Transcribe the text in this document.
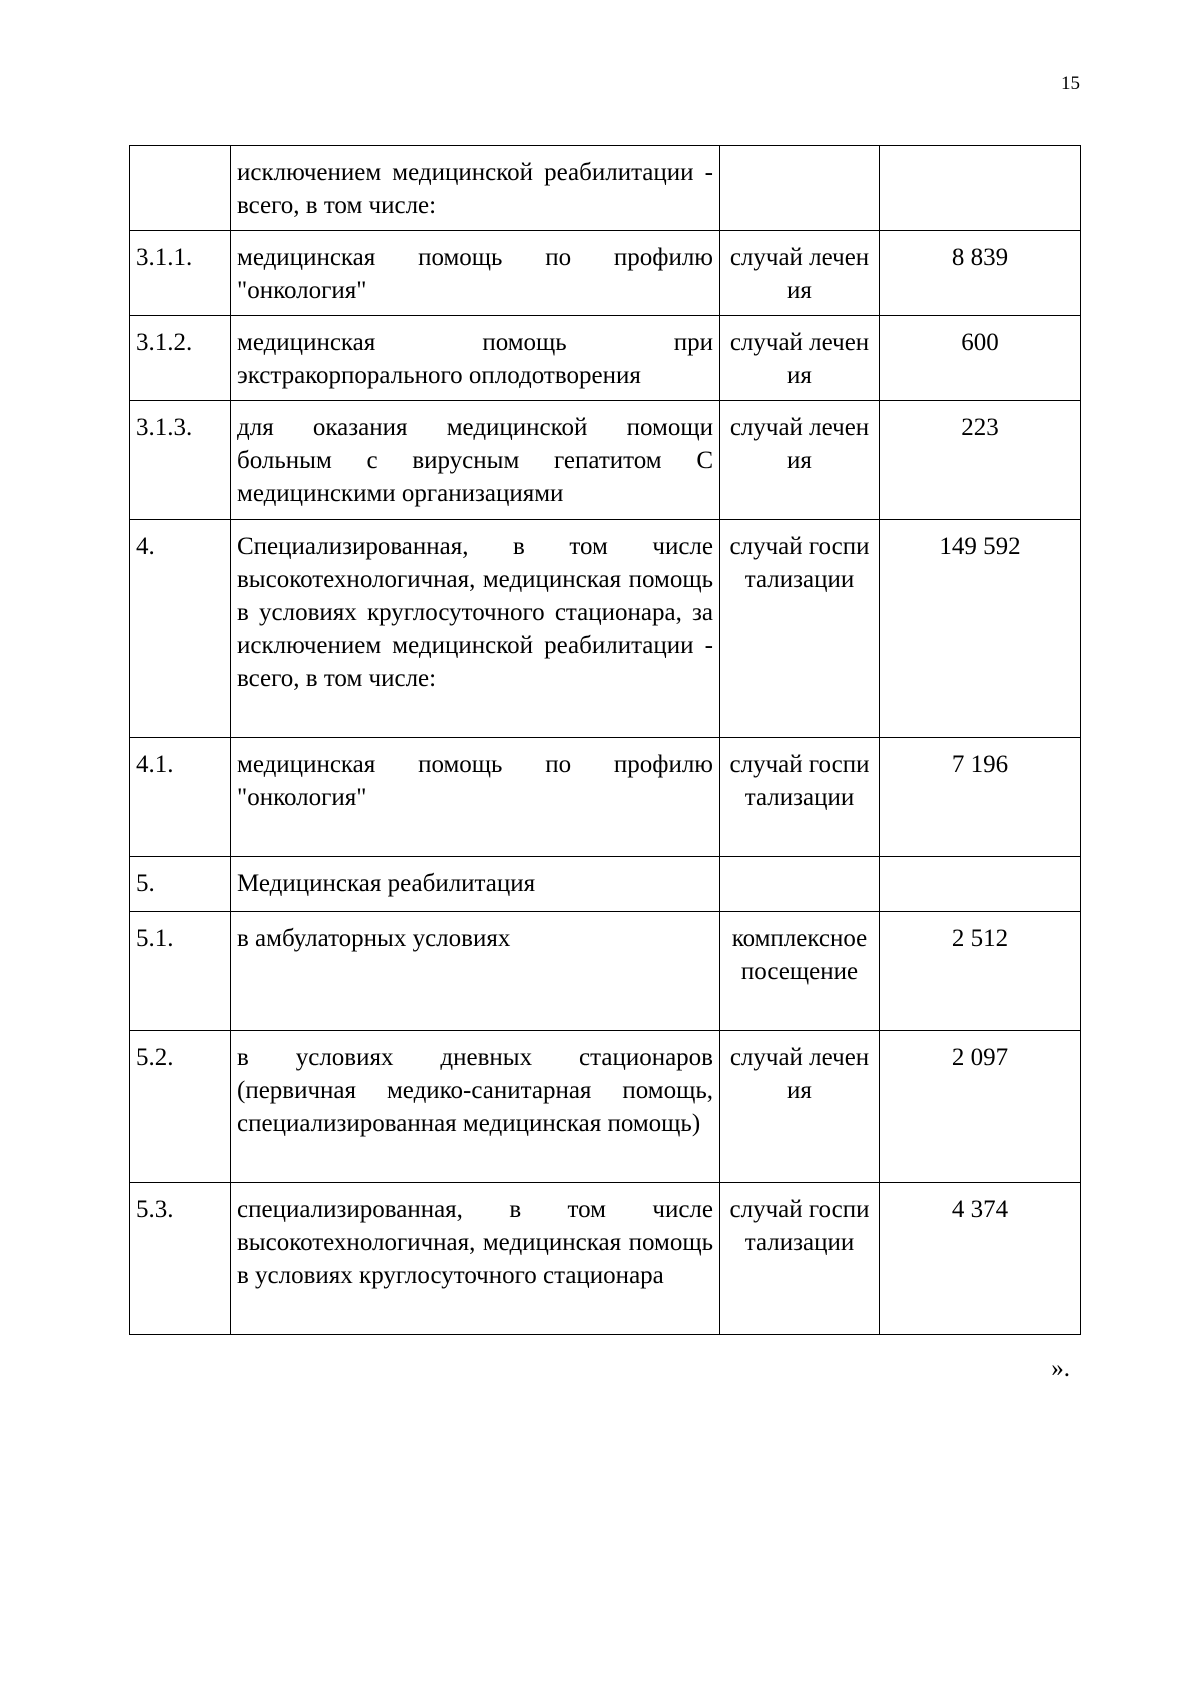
15
	исключением медицинской реабилитации - всего, в том числе:		
3.1.1.	медицинская помощь по профилю "онкология"	случай лечения	8 839
3.1.2.	медицинская помощь при экстракорпорального оплодотворения	случай лечения	600
3.1.3.	для оказания медицинской помощи больным с вирусным гепатитом С медицинскими организациями	случай лечения	223
4.	Специализированная, в том числе высокотехнологичная, медицинская помощь в условиях круглосуточного стационара, за исключением медицинской реабилитации - всего, в том числе:	случай госпитализации	149 592
4.1.	медицинская помощь по профилю "онкология"	случай госпитализации	7 196
5.	Медицинская реабилитация		
5.1.	в амбулаторных условиях	комплексное посещение	2 512
5.2.	в условиях дневных стационаров (первичная медико-санитарная помощь, специализированная медицинская помощь)	случай лечения	2 097
5.3.	специализированная, в том числе высокотехнологичная, медицинская помощь в условиях круглосуточного стационара	случай госпитализации	4 374
».
